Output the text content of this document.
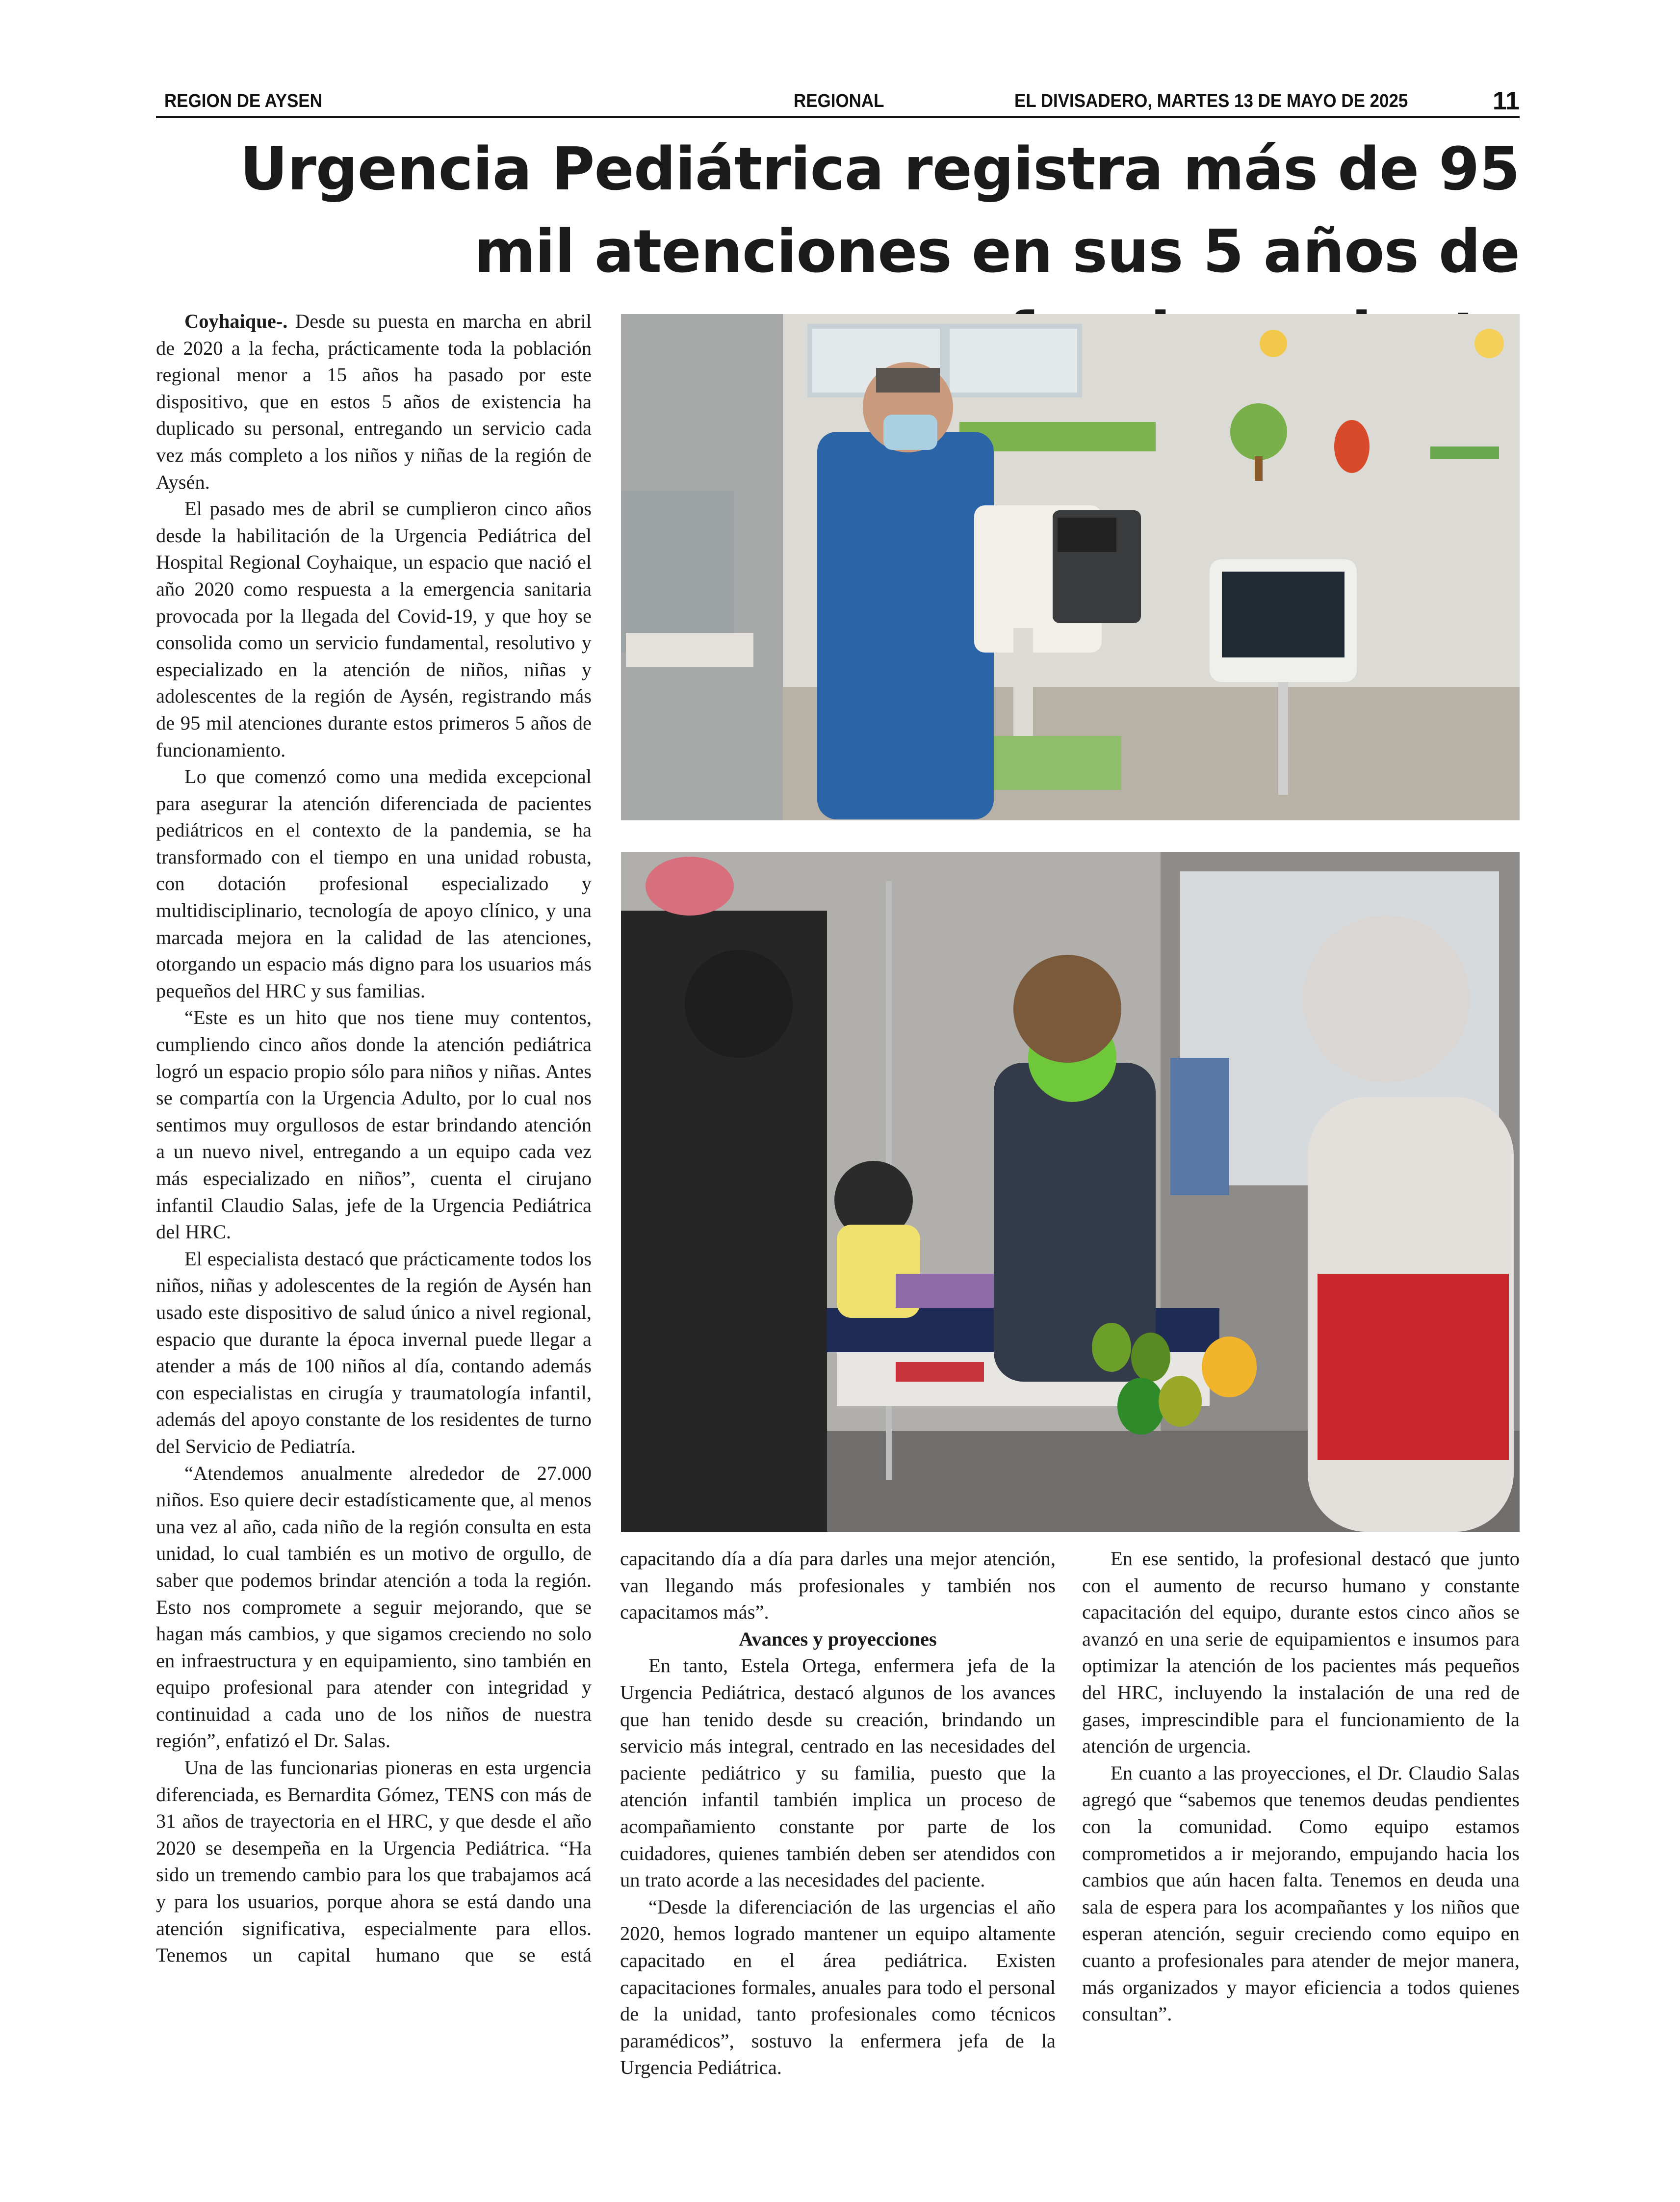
REGION DE AYSEN	REGIONAL	EL DIVISADERO, MARTES 13 DE MAYO DE 2025	11
Urgencia Pediátrica registra más de 95 mil atenciones en sus 5 años de

Coyhaique-. Desde su puesta en marcha en abril de 2020 a la fecha, prácticamente toda la población regional menor a 15 años ha pasado por este dispositivo, que en estos 5 años de existencia ha duplicado su personal, entregando un servicio cada vez más completo a los niños y niñas de la región de Aysén.

El pasado mes de abril se cumplieron cinco años desde la habilitación de la Urgencia Pediátrica del Hospital Regional Coyhaique, un espacio que nació el año 2020 como respuesta a la emergencia sanitaria provocada por la llegada del Covid-19, y que hoy se consolida como un servicio fundamental, resolutivo y especializado en la atención de niños, niñas y adolescentes de la región de Aysén, registrando más de 95 mil atenciones durante estos primeros 5 años de funcionamiento.

Lo que comenzó como una medida excepcional para asegurar la atención diferenciada de pacientes pediátricos en el contexto de la pandemia, se ha transformado con el tiempo en una unidad robusta, con dotación profesional especializado y multidisciplinario, tecnología de apoyo clínico, y una marcada mejora en la calidad de las atenciones, otorgando un espacio más digno para los usuarios más pequeños del HRC y sus familias.

“Este es un hito que nos tiene muy contentos, cumpliendo cinco años donde la atención pediátrica logró un espacio propio sólo para niños y niñas. Antes se compartía con la Urgencia Adulto, por lo cual nos sentimos muy orgullosos de estar brindando atención a un nuevo nivel, entregando a un equipo cada vez más especializado en niños”, cuenta el cirujano infantil Claudio Salas, jefe de la Urgencia Pediátrica del HRC.

El especialista destacó que prácticamente todos los niños, niñas y adolescentes de la región de Aysén han usado este dispositivo de salud único a nivel regional, espacio que durante la época invernal puede llegar a atender a más de 100 niños al día, contando además con especialistas en cirugía y traumatología infantil, además del apoyo constante de los residentes de turno del Servicio de Pediatría.

“Atendemos anualmente alrededor de 27.000 niños. Eso quiere decir estadísticamente que, al menos una vez al año, cada niño de la región consulta en esta unidad, lo cual también es un motivo de orgullo, de saber que podemos brindar atención a toda la región. Esto nos compromete a seguir mejorando, que se hagan más cambios, y que sigamos creciendo no solo en infraestructura y en equipamiento, sino también en equipo profesional para atender con integridad y continuidad a cada uno de los niños de nuestra región”, enfatizó el Dr. Salas.

Una de las funcionarias pioneras en esta urgencia diferenciada, es Bernardita Gómez, TENS con más de 31 años de trayectoria en el HRC, y que desde el año 2020 se desempeña en la Urgencia Pediátrica. “Ha sido un tremendo cambio para los que trabajamos acá y para los usuarios, porque ahora se está dando una atención significativa, especialmente para ellos. Tenemos un capital humano que se está

capacitando día a día para darles una mejor atención, van llegando más profesionales y también nos capacitamos más”.

Avances y proyecciones

En tanto, Estela Ortega, enfermera jefa de la Urgencia Pediátrica, destacó algunos de los avances que han tenido desde su creación, brindando un servicio más integral, centrado en las necesidades del paciente pediátrico y su familia, puesto que la atención infantil también implica un proceso de acompañamiento constante por parte de los cuidadores, quienes también deben ser atendidos con un trato acorde a las necesidades del paciente.

“Desde la diferenciación de las urgencias el año 2020, hemos logrado mantener un equipo altamente capacitado en el área pediátrica. Existen capacitaciones formales, anuales para todo el personal de la unidad, tanto profesionales como técnicos paramédicos”, sostuvo la enfermera jefa de la Urgencia Pediátrica.

En ese sentido, la profesional destacó que junto con el aumento de recurso humano y constante capacitación del equipo, durante estos cinco años se avanzó en una serie de equipamientos e insumos para optimizar la atención de los pacientes más pequeños del HRC, incluyendo la instalación de una red de gases, imprescindible para el funcionamiento de la atención de urgencia.

En cuanto a las proyecciones, el Dr. Claudio Salas agregó que “sabemos que tenemos deudas pendientes con la comunidad. Como equipo estamos comprometidos a ir mejorando, empujando hacia los cambios que aún hacen falta. Tenemos en deuda una sala de espera para los acompañantes y los niños que esperan atención, seguir creciendo como equipo en cuanto a profesionales para atender de mejor manera, más organizados y mayor eficiencia a todos quienes consultan”.
